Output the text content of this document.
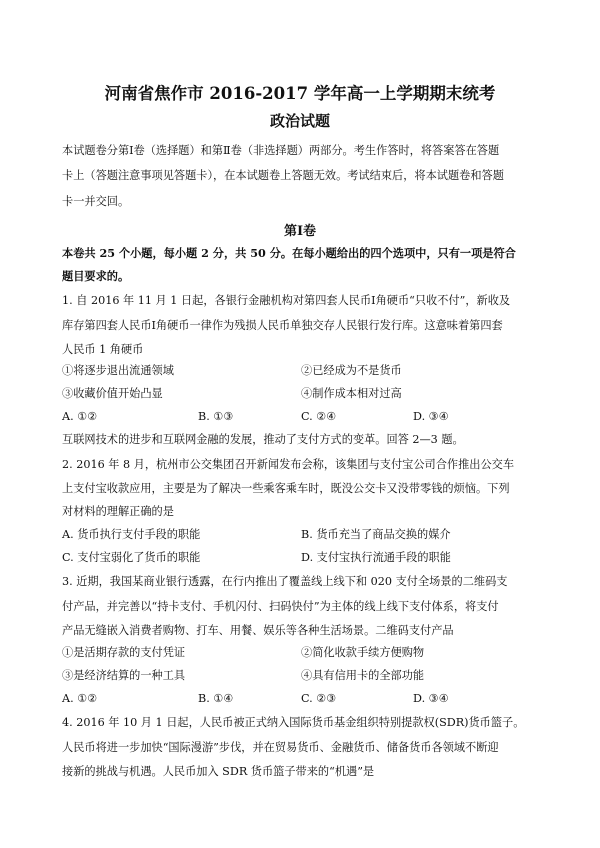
河南省焦作市 2016-2017 学年高一上学期期末统考
政治试题
本试题卷分第Ⅰ卷（选择题）和第Ⅱ卷（非选择题）两部分。考生作答时，将答案答在答题
卡上（答题注意事项见答题卡），在本试题卷上答题无效。考试结束后，将本试题卷和答题
卡一并交回。
第Ⅰ卷
本卷共 25 个小题，每小题 2 分，共 50 分。在每小题给出的四个选项中，只有一项是符合
题目要求的。
1. 自 2016 年 11 月 1 日起，各银行金融机构对第四套人民币Ⅰ角硬币“只收不付”，新收及
库存第四套人民币Ⅰ角硬币一律作为残损人民币单独交存人民银行发行库。这意味着第四套
人民币 1 角硬币
①将逐步退出流通领域	②已经成为不是货币
③收藏价值开始凸显	④制作成本相对过高
A. ①②	B. ①③	C. ②④	D. ③④
互联网技术的进步和互联网金融的发展，推动了支付方式的变革。回答 2—3 题。
2. 2016 年 8 月，杭州市公交集团召开新闻发布会称，该集团与支付宝公司合作推出公交车
上支付宝收款应用，主要是为了解决一些乘客乘车时，既没公交卡又没带零钱的烦恼。下列
对材料的理解正确的是
A. 货币执行支付手段的职能	B. 货币充当了商品交换的媒介
C. 支付宝弱化了货币的职能	D. 支付宝执行流通手段的职能
3. 近期，我国某商业银行透露，在行内推出了覆盖线上线下和 020 支付全场景的二维码支
付产品，并完善以“持卡支付、手机闪付、扫码快付”为主体的线上线下支付体系，将支付
产品无缝嵌入消费者购物、打车、用餐、娱乐等各种生活场景。二维码支付产品
①是活期存款的支付凭证	②简化收款手续方便购物
③是经济结算的一种工具	④具有信用卡的全部功能
A. ①②	B. ①④	C. ②③	D. ③④
4. 2016 年 10 月 1 日起，人民币被正式纳入国际货币基金组织特别提款权(SDR)货币篮子。
人民币将进一步加快“国际漫游”步伐，并在贸易货币、金融货币、储备货币各领域不断迎
接新的挑战与机遇。人民币加入 SDR 货币篮子带来的“机遇”是
